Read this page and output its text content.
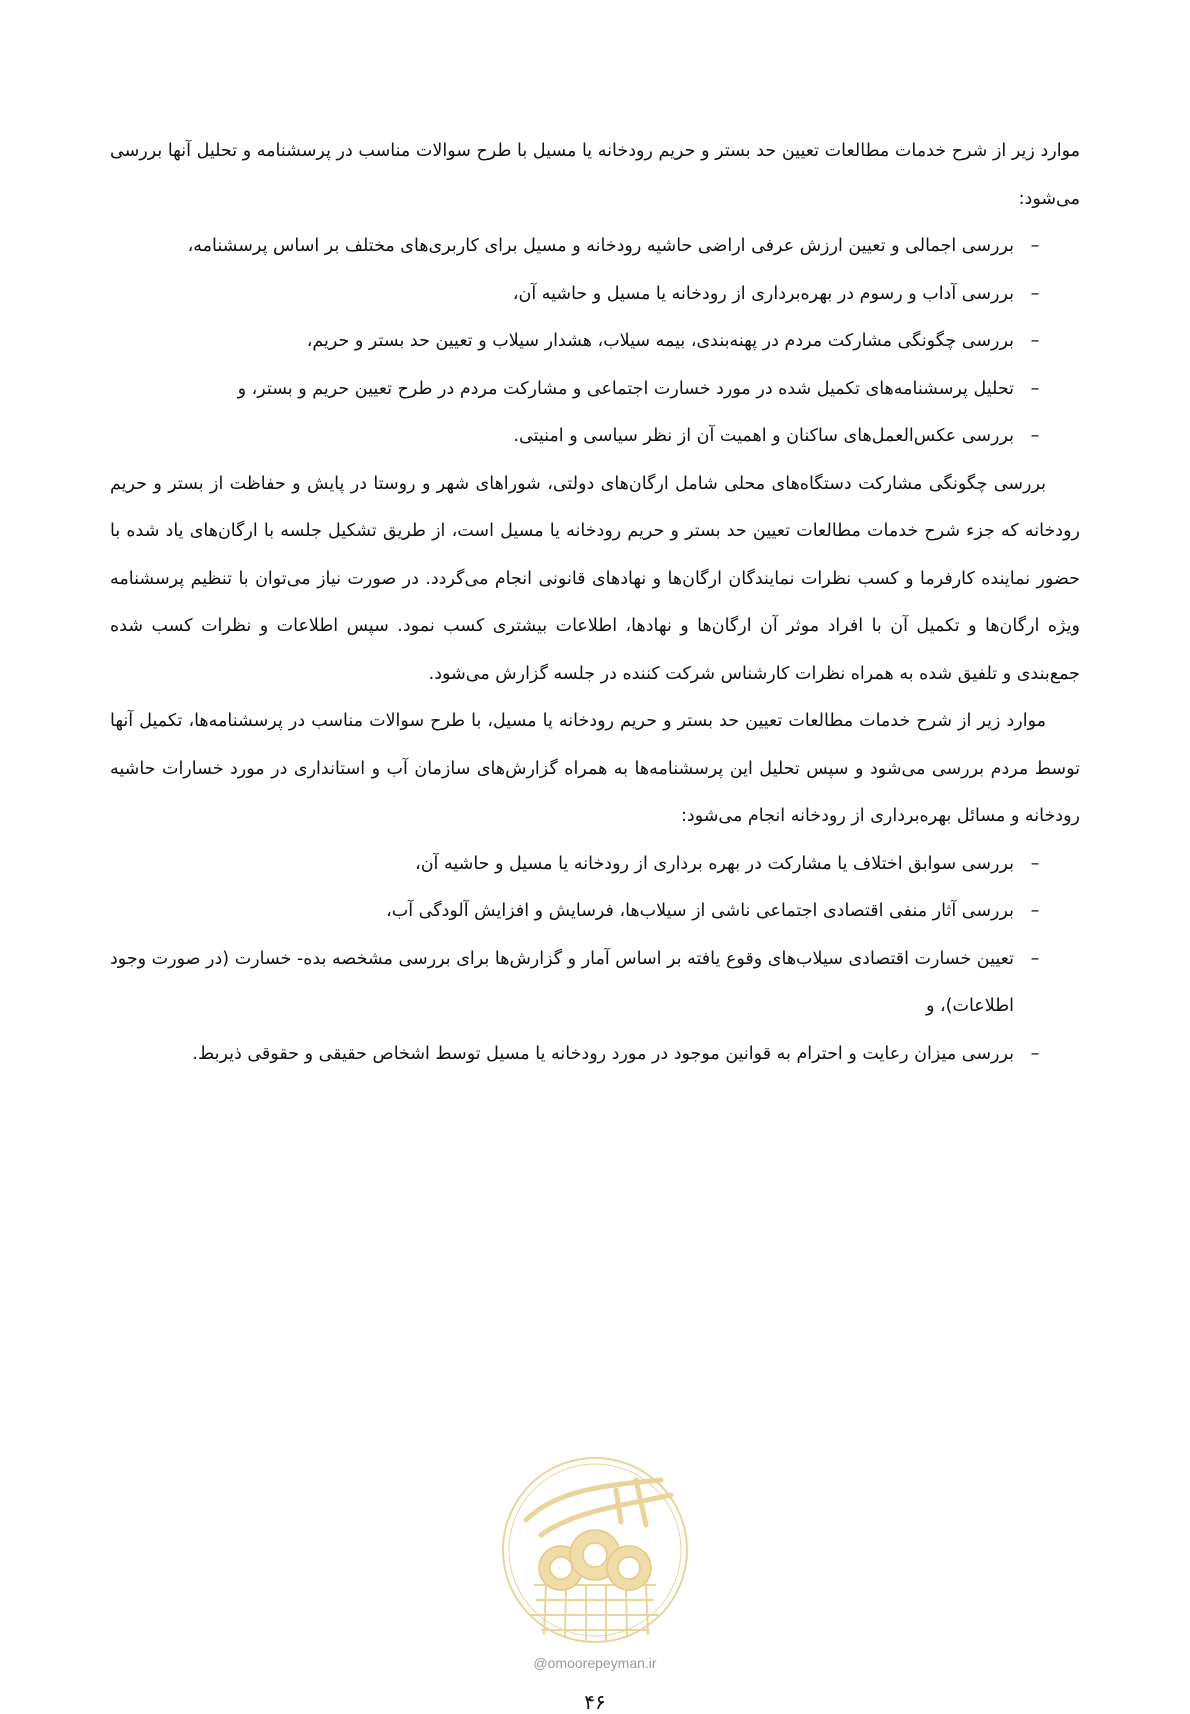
موارد زیر از شرح خدمات مطالعات تعیین حد بستر و حریم رودخانه یا مسیل با طرح سوالات مناسب در پرسشنامه و تحلیل آنها بررسی می‌شود:

–
بررسی اجمالی و تعیین ارزش عرفی اراضی حاشیه رودخانه و مسیل برای کاربری‌های مختلف بر اساس پرسشنامه،
–
بررسی آداب و رسوم در بهره‌برداری از رودخانه یا مسیل و حاشیه آن،
–
بررسی چگونگی مشارکت مردم در پهنه‌بندی، بیمه سیلاب، هشدار سیلاب و تعیین حد بستر و حریم،
–
تحلیل پرسشنامه‌های تکمیل شده در مورد خسارت اجتماعی و مشارکت مردم در طرح تعیین حریم و بستر، و
–
بررسی عکس‌العمل‌های ساکنان و اهمیت آن از نظر سیاسی و امنیتی.

بررسی چگونگی مشارکت دستگاه‌های محلی شامل ارگان‌های دولتی، شوراهای شهر و روستا در پایش و حفاظت از بستر و حریم رودخانه که جزء شرح خدمات مطالعات تعیین حد بستر و حریم رودخانه یا مسیل است، از طریق تشکیل جلسه با ارگان‌های یاد شده با حضور نماینده کارفرما و کسب نظرات نمایندگان ارگان‌ها و نهادهای قانونی انجام می‌گردد. در صورت نیاز می‌توان با تنظیم پرسشنامه ویژه ارگان‌ها و تکمیل آن با افراد موثر آن ارگان‌ها و نهادها، اطلاعات بیشتری کسب نمود. سپس اطلاعات و نظرات کسب شده جمع‌بندی و تلفیق شده به همراه نظرات کارشناس شرکت کننده در جلسه گزارش می‌شود.

موارد زیر از شرح خدمات مطالعات تعیین حد بستر و حریم رودخانه یا مسیل، با طرح سوالات مناسب در پرسشنامه‌ها، تکمیل آنها توسط مردم بررسی می‌شود و سپس تحلیل این پرسشنامه‌ها به همراه گزارش‌های سازمان آب و استانداری در مورد خسارات حاشیه رودخانه و مسائل بهره‌برداری از رودخانه انجام می‌شود:

–
بررسی سوابق اختلاف یا مشارکت در بهره برداری از رودخانه یا مسیل و حاشیه آن،
–
بررسی آثار منفی اقتصادی اجتماعی ناشی از سیلاب‌ها، فرسایش و افزایش آلودگی آب،
–
تعیین خسارت اقتصادی سیلاب‌های وقوع یافته بر اساس آمار و گزارش‌ها برای بررسی مشخصه بده- خسارت (در صورت وجود اطلاعات)، و
–
بررسی میزان رعایت و احترام به قوانین موجود در مورد رودخانه یا مسیل توسط اشخاص حقیقی و حقوقی ذیربط.
@omoorepeyman.ir
۴۶
